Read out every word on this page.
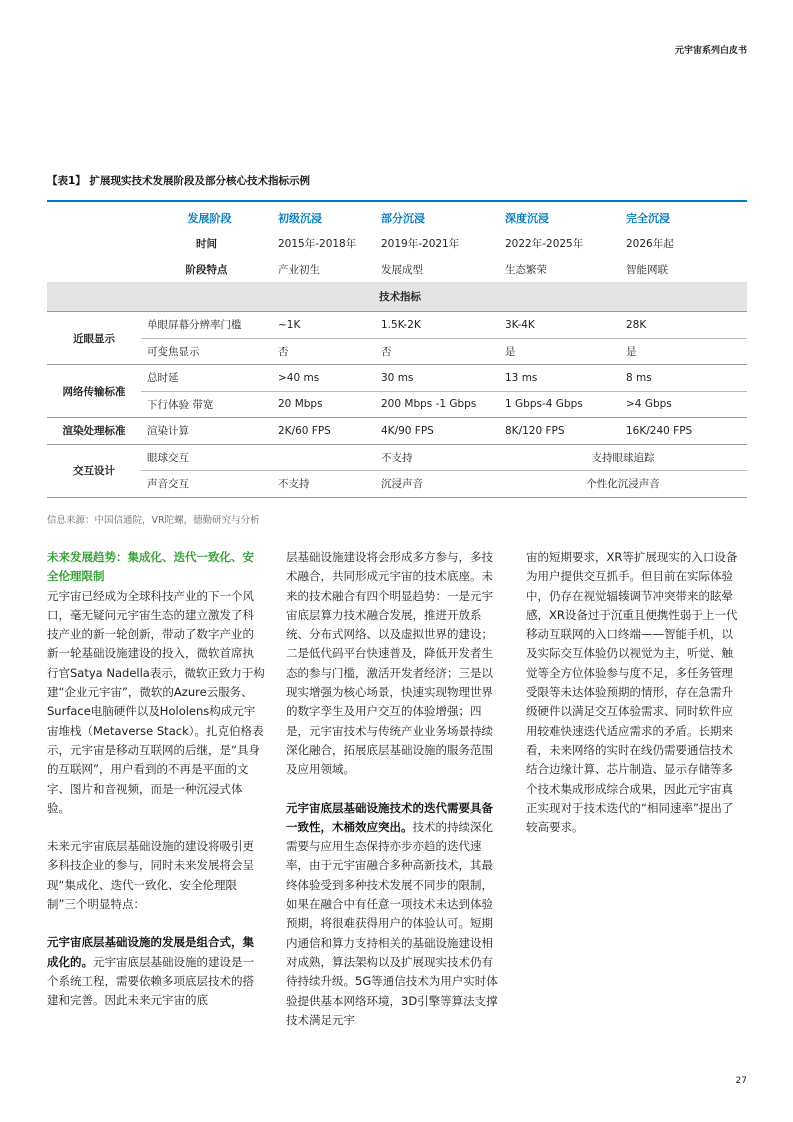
元宇宙系列白皮书
【表1】 扩展现实技术发展阶段及部分核心技术指标示例
	发展阶段	初级沉浸	部分沉浸	深度沉浸	完全沉浸
	时间	2015年-2018年	2019年-2021年	2022年-2025年	2026年起
	阶段特点	产业初生	发展成型	生态繁荣	智能网联
技术指标					
近眼显示	单眼屏幕分辨率门槛	~1K	1.5K-2K	3K-4K	28K
	可变焦显示	否	否	是	是
网络传输标准	总时延	>40 ms	30 ms	13 ms	8 ms
	下行体验 带宽	20 Mbps	200 Mbps -1 Gbps	1 Gbps-4 Gbps	>4 Gbps
渲染处理标准	渲染计算	2K/60 FPS	4K/90 FPS	8K/120 FPS	16K/240 FPS
交互设计	眼球交互		不支持	支持眼球追踪	
	声音交互	不支持	沉浸声音	个性化沉浸声音	
信息来源：中国信通院，VR陀螺，德勤研究与分析

未来发展趋势：集成化、迭代一致化、安全伦理限制

元宇宙已经成为全球科技产业的下一个风口，毫无疑问元宇宙生态的建立激发了科技产业的新一轮创新，带动了数字产业的新一轮基础设施建设的投入，微软首席执行官Satya Nadella表示，微软正致力于构建“企业元宇宙”，微软的Azure云服务、Surface电脑硬件以及Hololens构成元宇宙堆栈（Metaverse Stack）。扎克伯格表示，元宇宙是移动互联网的后继，是“具身的互联网”，用户看到的不再是平面的文字、图片和音视频，而是一种沉浸式体验。

未来元宇宙底层基础设施的建设将吸引更多科技企业的参与，同时未来发展将会呈现“集成化、迭代一致化、安全伦理限制”三个明显特点：

元宇宙底层基础设施的发展是组合式，集成化的。元宇宙底层基础设施的建设是一个系统工程，需要依赖多项底层技术的搭建和完善。因此未来元宇宙的底

层基础设施建设将会形成多方参与，多技术融合，共同形成元宇宙的技术底座。未来的技术融合有四个明显趋势：一是元宇宙底层算力技术融合发展，推进开放系统、分布式网络、以及虚拟世界的建设；二是低代码平台快速普及，降低开发者生态的参与门槛，激活开发者经济；三是以现实增强为核心场景，快速实现物理世界的数字孪生及用户交互的体验增强；四是，元宇宙技术与传统产业业务场景持续深化融合，拓展底层基础设施的服务范围及应用领域。

元宇宙底层基础设施技术的迭代需要具备一致性，木桶效应突出。技术的持续深化需要与应用生态保持亦步亦趋的迭代速率，由于元宇宙融合多种高新技术，其最终体验受到多种技术发展不同步的限制，如果在融合中有任意一项技术未达到体验预期，将很难获得用户的体验认可。短期内通信和算力支持相关的基础设施建设相对成熟，算法架构以及扩展现实技术仍有待持续升级。5G等通信技术为用户实时体验提供基本网络环境，3D引擎等算法支撑技术满足元宇

宙的短期要求，XR等扩展现实的入口设备为用户提供交互抓手。但目前在实际体验中，仍存在视觉辐辏调节冲突带来的眩晕感，XR设备过于沉重且便携性弱于上一代移动互联网的入口终端——智能手机，以及实际交互体验仍以视觉为主，听觉、触觉等全方位体验参与度不足，多任务管理受限等未达体验预期的情形，存在急需升级硬件以满足交互体验需求、同时软件应用较难快速迭代适应需求的矛盾。长期来看，未来网络的实时在线仍需要通信技术结合边缘计算、芯片制造、显示存储等多个技术集成形成综合成果，因此元宇宙真正实现对于技术迭代的“相同速率”提出了较高要求。

27
